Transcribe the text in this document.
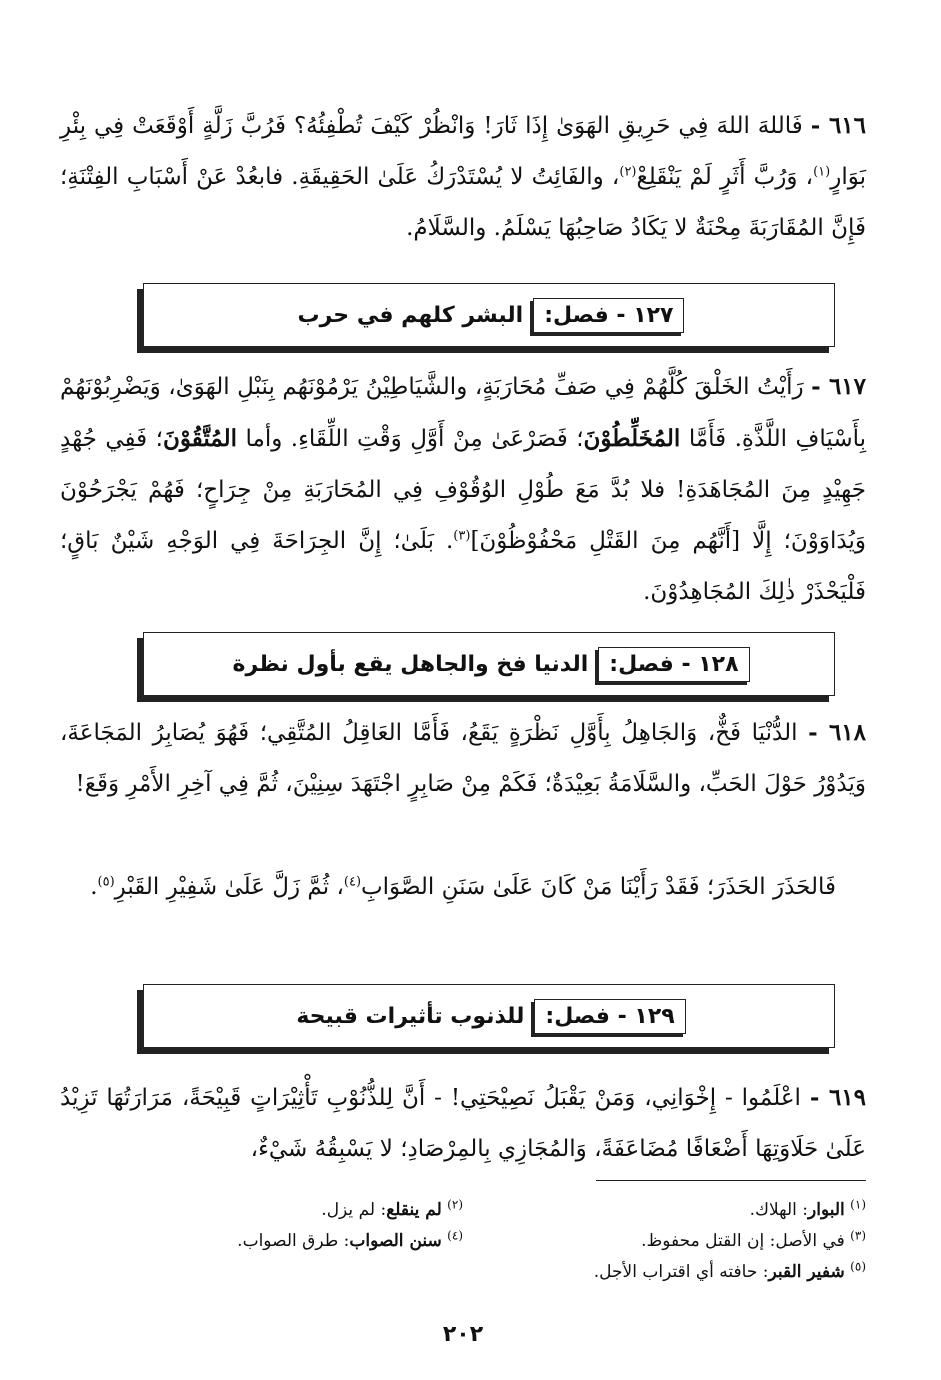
٦١٦ - فَاللهَ اللهَ فِي حَرِيقِ الهَوَىٰ إِذَا ثَارَ! وَانْظُرْ كَيْفَ تُطْفِئُهُ؟ فَرُبَّ زَلَّةٍ أَوْقَعَتْ فِي بِئْرِ بَوَارٍ$^{(١)}$، وَرُبَّ أَثَرٍ لَمْ يَنْقَلِعْ$^{(٢)}$، والفَائِتُ لا يُسْتَدْرَكُ عَلَىٰ الحَقِيقَةِ. فابعُدْ عَنْ أَسْبَابِ الفِتْنَةِ؛ فَإِنَّ المُقَارَبَةَ مِحْنَةٌ لا يَكَادُ صَاحِبُهَا يَسْلَمُ. والسَّلَامُ.

١٢٧ - فصل:
البشر كلهم في حرب

٦١٧ - رَأَيْتُ الخَلْقَ كُلَّهُمْ فِي صَفِّ مُحَارَبَةٍ، والشَّيَاطِيْنُ يَرْمُوْنَهُم بِنَبْلِ الهَوَىٰ، وَيَضْرِبُوْنَهُمْ بِأَسْيَافِ اللَّذَّةِ. فَأَمَّا المُخَلِّطُوْنَ؛ فَصَرْعَىٰ مِنْ أَوَّلِ وَقْتِ اللِّقَاءِ. وأما المُتَّقُوْنَ؛ فَفِي جُهْدٍ جَهِيْدٍ مِنَ المُجَاهَدَةِ! فلا بُدَّ مَعَ طُوْلِ الوُقُوْفِ فِي المُحَارَبَةِ مِنْ جِرَاحٍ؛ فَهُمْ يَجْرَحُوْنَ وَيُدَاوَوْنَ؛ إِلَّا [أَنَّهُم مِنَ القَتْلِ مَحْفُوْظُوْنَ]$^{(٣)}$. بَلَىٰ؛ إِنَّ الجِرَاحَةَ فِي الوَجْهِ شَيْنٌ بَاقٍ؛ فَلْيَحْذَرْ ذٰلِكَ المُجَاهِدُوْنَ.

١٢٨ - فصل:
الدنيا فخ والجاهل يقع بأول نظرة

٦١٨ - الدُّنْيَا فَخٌّ، وَالجَاهِلُ بِأَوَّلِ نَظْرَةٍ يَقَعُ، فَأَمَّا العَاقِلُ المُتَّقِي؛ فَهُوَ يُصَابِرُ المَجَاعَةَ، وَيَدُوْرُ حَوْلَ الحَبِّ، والسَّلَامَةُ بَعِيْدَةٌ؛ فَكَمْ مِنْ صَابِرٍ اجْتَهَدَ سِنِيْنَ، ثُمَّ فِي آخِرِ الأَمْرِ وَقَعَ!

فَالحَذَرَ الحَذَرَ؛ فَقَدْ رَأَيْنَا مَنْ كَانَ عَلَىٰ سَنَنِ الصَّوَابِ$^{(٤)}$، ثُمَّ زَلَّ عَلَىٰ شَفِيْرِ القَبْرِ$^{(٥)}$.

١٢٩ - فصل:
للذنوب تأثيرات قبيحة

٦١٩ - اعْلَمُوا - إِخْوَانِي، وَمَنْ يَقْبَلُ نَصِيْحَتِي! - أَنَّ لِلذُّنُوْبِ تَأْثِيْرَاتٍ قَبِيْحَةً، مَرَارَتُهَا تَزِيْدُ عَلَىٰ حَلَاوَتِهَا أَضْعَافًا مُضَاعَفَةً، وَالمُجَازِي بِالمِرْصَادِ؛ لا يَسْبِقُهُ شَيْءٌ،

$^{(١)}$ البوار: الهلاك.
$^{(٢)}$ لم ينقلع: لم يزل.
$^{(٣)}$ في الأصل: إن القتل محفوظ.
$^{(٤)}$ سنن الصواب: طرق الصواب.
$^{(٥)}$ شفير القبر: حافته أي اقتراب الأجل.
٢٠٢
